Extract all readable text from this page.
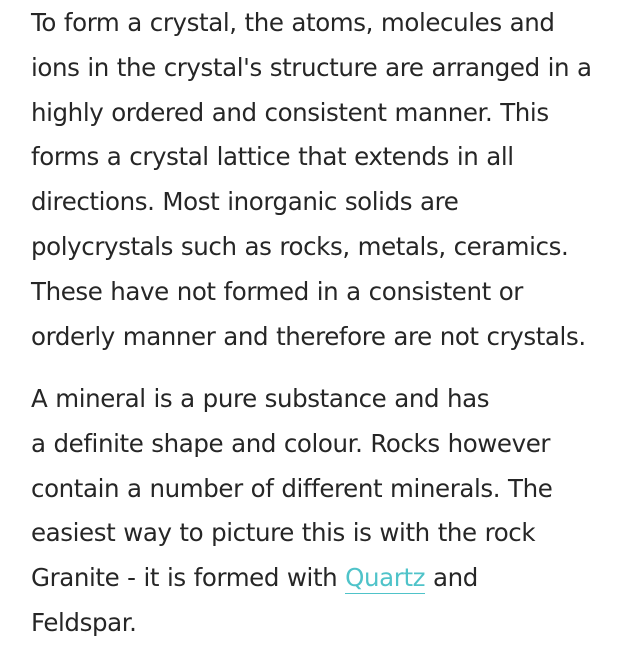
To form a crystal, the atoms, molecules and
ions in the crystal's structure are arranged in a
highly ordered and consistent manner. This
forms a crystal lattice that extends in all
directions. Most inorganic solids are
polycrystals such as rocks, metals, ceramics.
These have not formed in a consistent or
orderly manner and therefore are not crystals.

A mineral is a pure substance and has
a definite shape and colour. Rocks however
contain a number of different minerals. The
easiest way to picture this is with the rock
Granite - it is formed with Quartz and
Feldspar.
